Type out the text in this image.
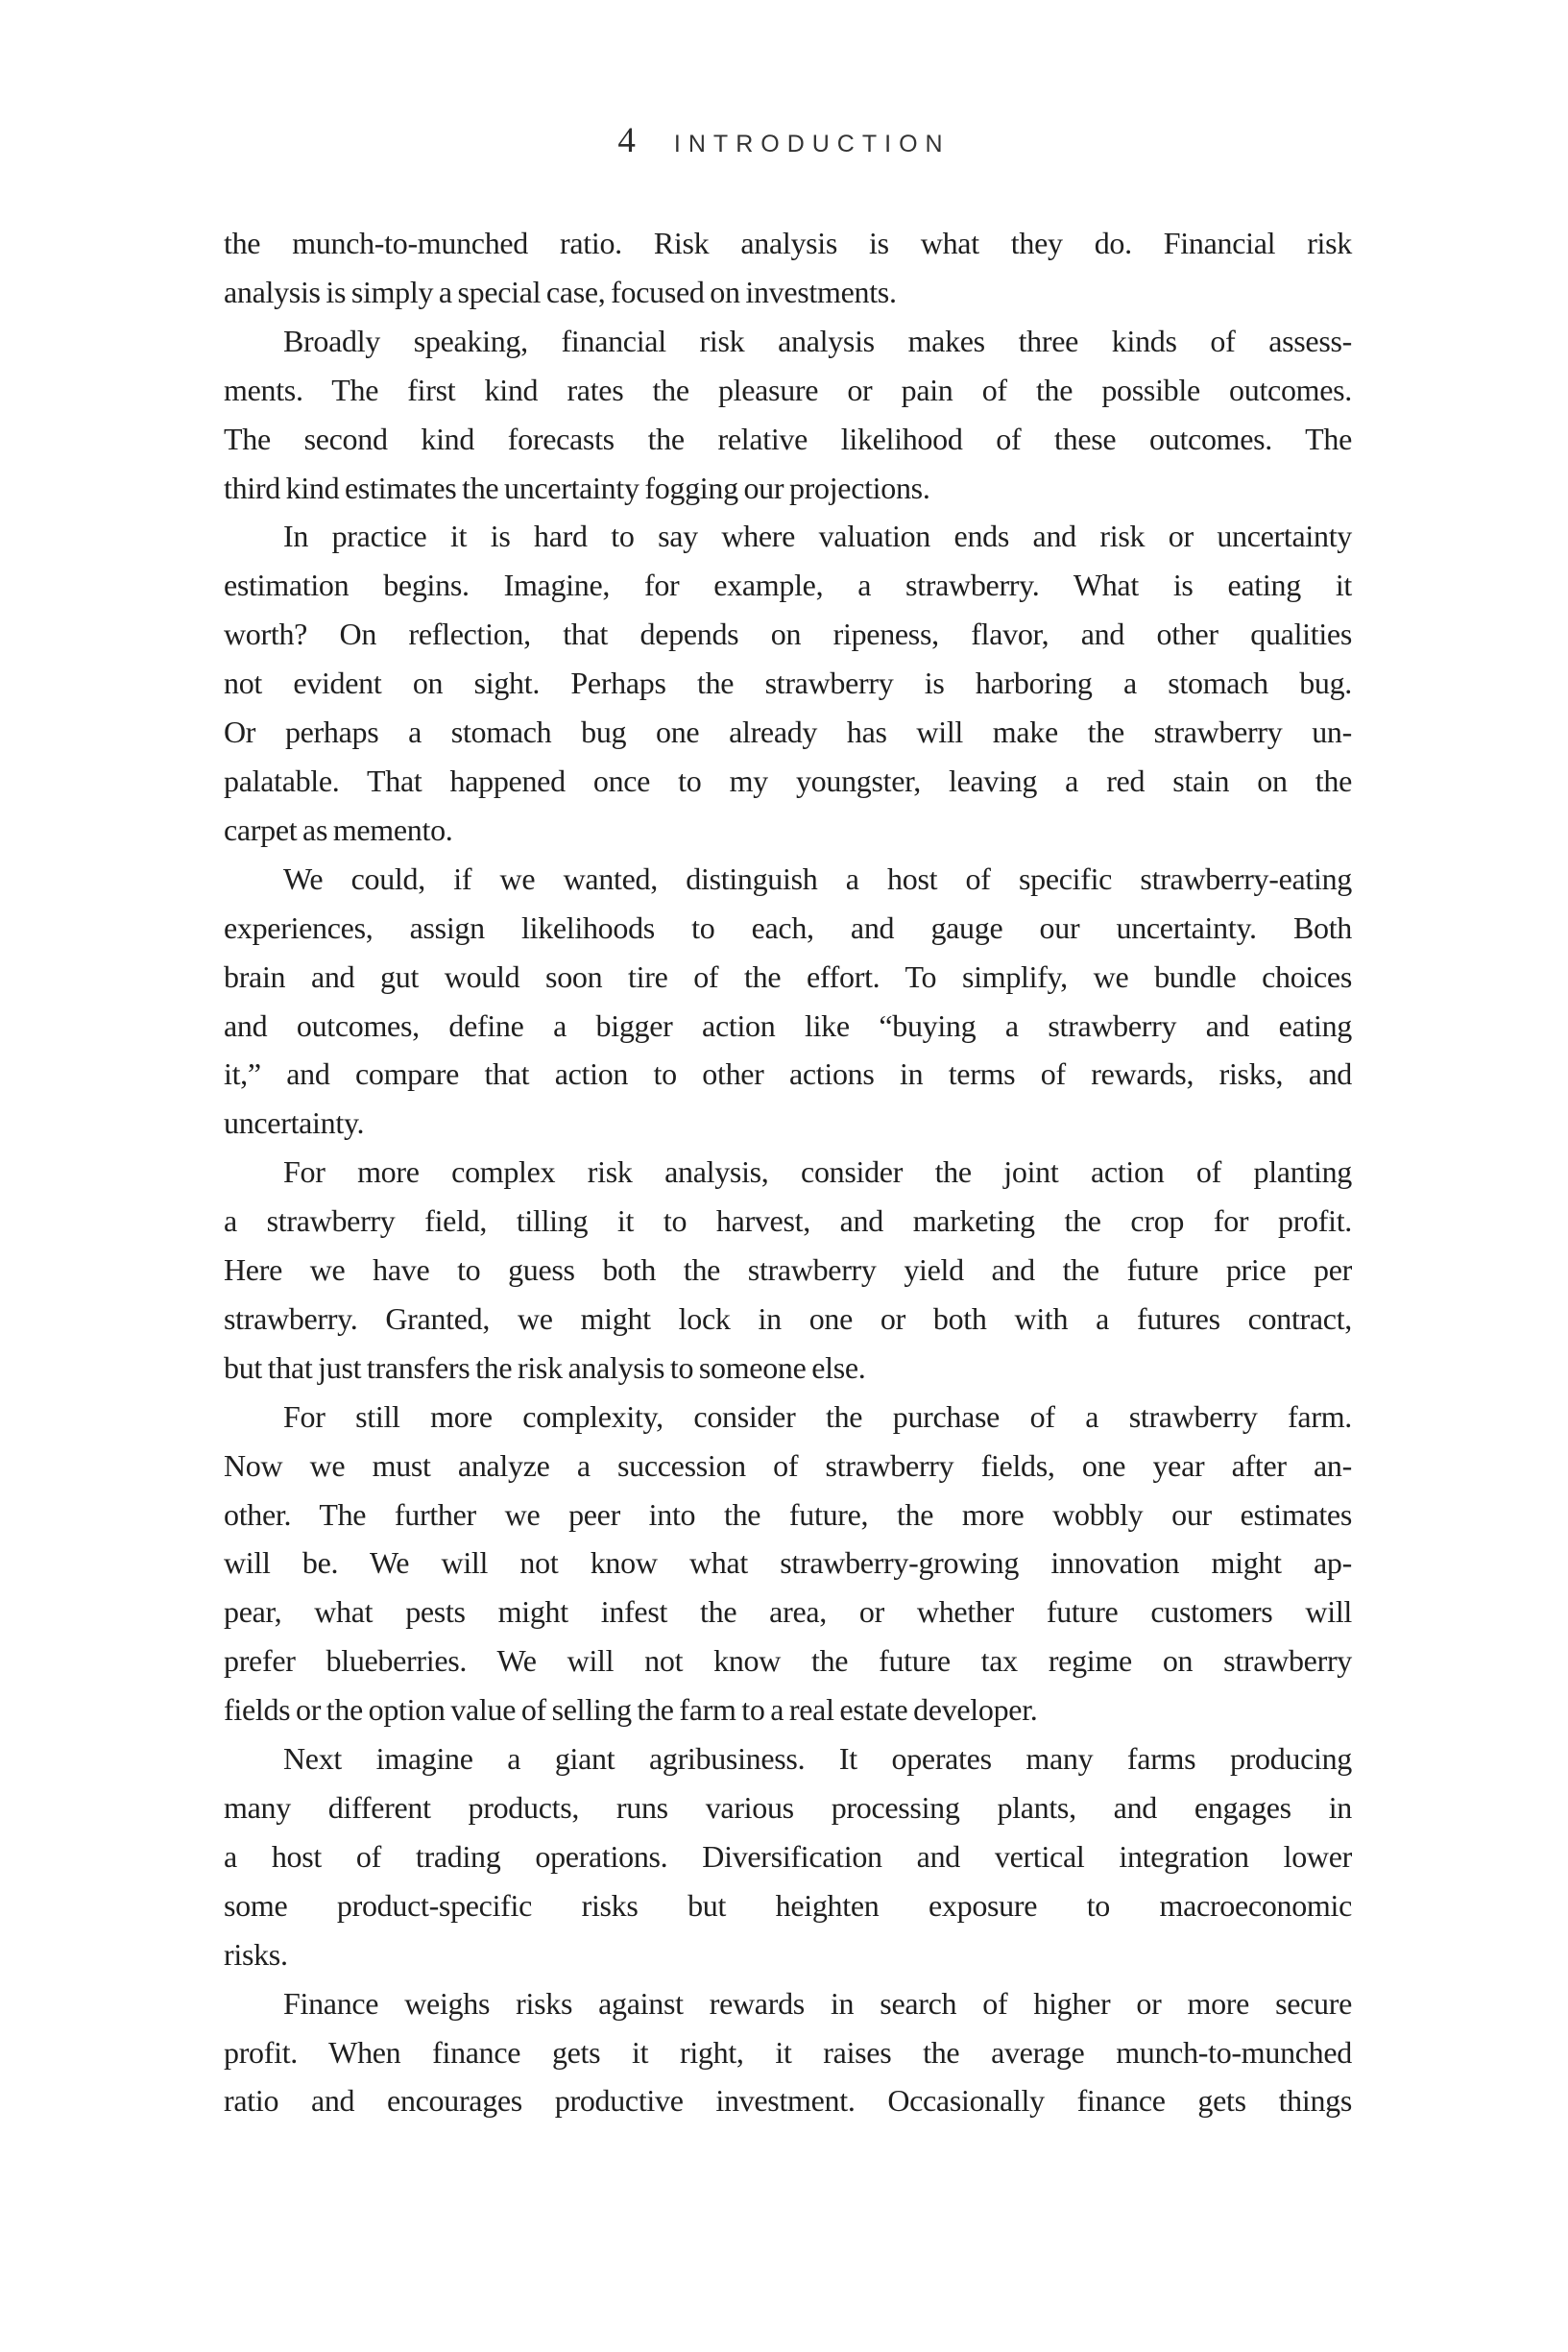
4 INTRODUCTION
the munch-to-munched ratio. Risk analysis is what they do. Financial risk
analysis is simply a special case, focused on investments.
Broadly speaking, financial risk analysis makes three kinds of assess-
ments. The first kind rates the pleasure or pain of the possible outcomes.
The second kind forecasts the relative likelihood of these outcomes. The
third kind estimates the uncertainty fogging our projections.
In practice it is hard to say where valuation ends and risk or uncertainty
estimation begins. Imagine, for example, a strawberry. What is eating it
worth? On reflection, that depends on ripeness, flavor, and other qualities
not evident on sight. Perhaps the strawberry is harboring a stomach bug.
Or perhaps a stomach bug one already has will make the strawberry un-
palatable. That happened once to my youngster, leaving a red stain on the
carpet as memento.
We could, if we wanted, distinguish a host of specific strawberry-eating
experiences, assign likelihoods to each, and gauge our uncertainty. Both
brain and gut would soon tire of the effort. To simplify, we bundle choices
and outcomes, define a bigger action like “buying a strawberry and eating
it,” and compare that action to other actions in terms of rewards, risks, and
uncertainty.
For more complex risk analysis, consider the joint action of planting
a strawberry field, tilling it to harvest, and marketing the crop for profit.
Here we have to guess both the strawberry yield and the future price per
strawberry. Granted, we might lock in one or both with a futures contract,
but that just transfers the risk analysis to someone else.
For still more complexity, consider the purchase of a strawberry farm.
Now we must analyze a succession of strawberry fields, one year after an-
other. The further we peer into the future, the more wobbly our estimates
will be. We will not know what strawberry-growing innovation might ap-
pear, what pests might infest the area, or whether future customers will
prefer blueberries. We will not know the future tax regime on strawberry
fields or the option value of selling the farm to a real estate developer.
Next imagine a giant agribusiness. It operates many farms producing
many different products, runs various processing plants, and engages in
a host of trading operations. Diversification and vertical integration lower
some product-specific risks but heighten exposure to macroeconomic
risks.
Finance weighs risks against rewards in search of higher or more secure
profit. When finance gets it right, it raises the average munch-to-munched
ratio and encourages productive investment. Occasionally finance gets things
